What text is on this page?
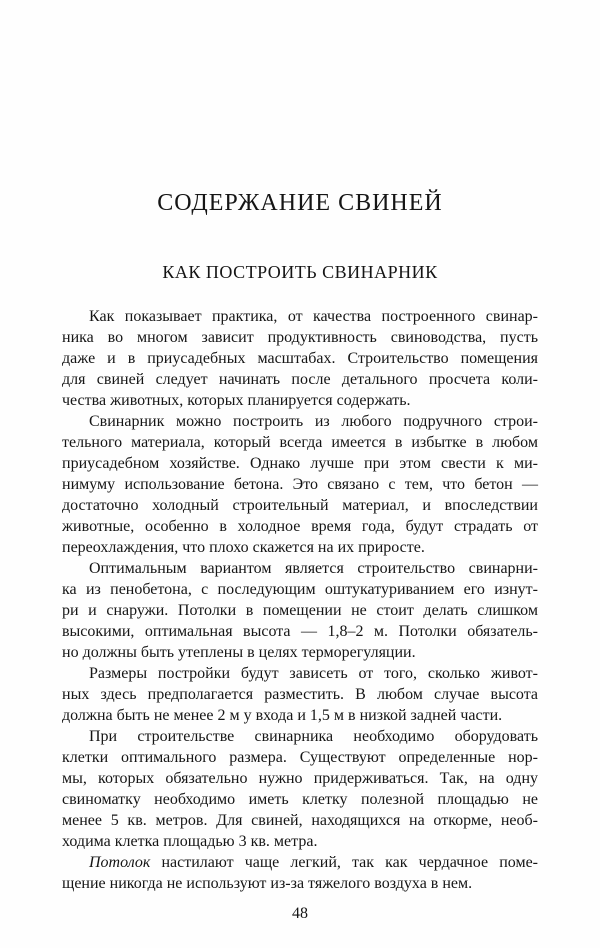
СОДЕРЖАНИЕ СВИНЕЙ
КАК ПОСТРОИТЬ СВИНАРНИК

Как показывает практика, от качества построенного свинар-
ника во многом зависит продуктивность свиноводства, пусть
даже и в приусадебных масштабах. Строительство помещения
для свиней следует начинать после детального просчета коли-
чества животных, которых планируется содержать.

Свинарник можно построить из любого подручного строи-
тельного материала, который всегда имеется в избытке в любом
приусадебном хозяйстве. Однако лучше при этом свести к ми-
нимуму использование бетона. Это связано с тем, что бетон —
достаточно холодный строительный материал, и впоследствии
животные, особенно в холодное время года, будут страдать от
переохлаждения, что плохо скажется на их приросте.

Оптимальным вариантом является строительство свинарни-
ка из пенобетона, с последующим оштукатуриванием его изнут-
ри и снаружи. Потолки в помещении не стоит делать слишком
высокими, оптимальная высота — 1,8–2 м. Потолки обязатель-
но должны быть утеплены в целях терморегуляции.

Размеры постройки будут зависеть от того, сколько живот-
ных здесь предполагается разместить. В любом случае высота
должна быть не менее 2 м у входа и 1,5 м в низкой задней части.

При строительстве свинарника необходимо оборудовать
клетки оптимального размера. Существуют определенные нор-
мы, которых обязательно нужно придерживаться. Так, на одну
свиноматку необходимо иметь клетку полезной площадью не
менее 5 кв. метров. Для свиней, находящихся на откорме, необ-
ходима клетка площадью 3 кв. метра.

Потолок настилают чаще легкий, так как чердачное поме-
щение никогда не используют из-за тяжелого воздуха в нем.

48
